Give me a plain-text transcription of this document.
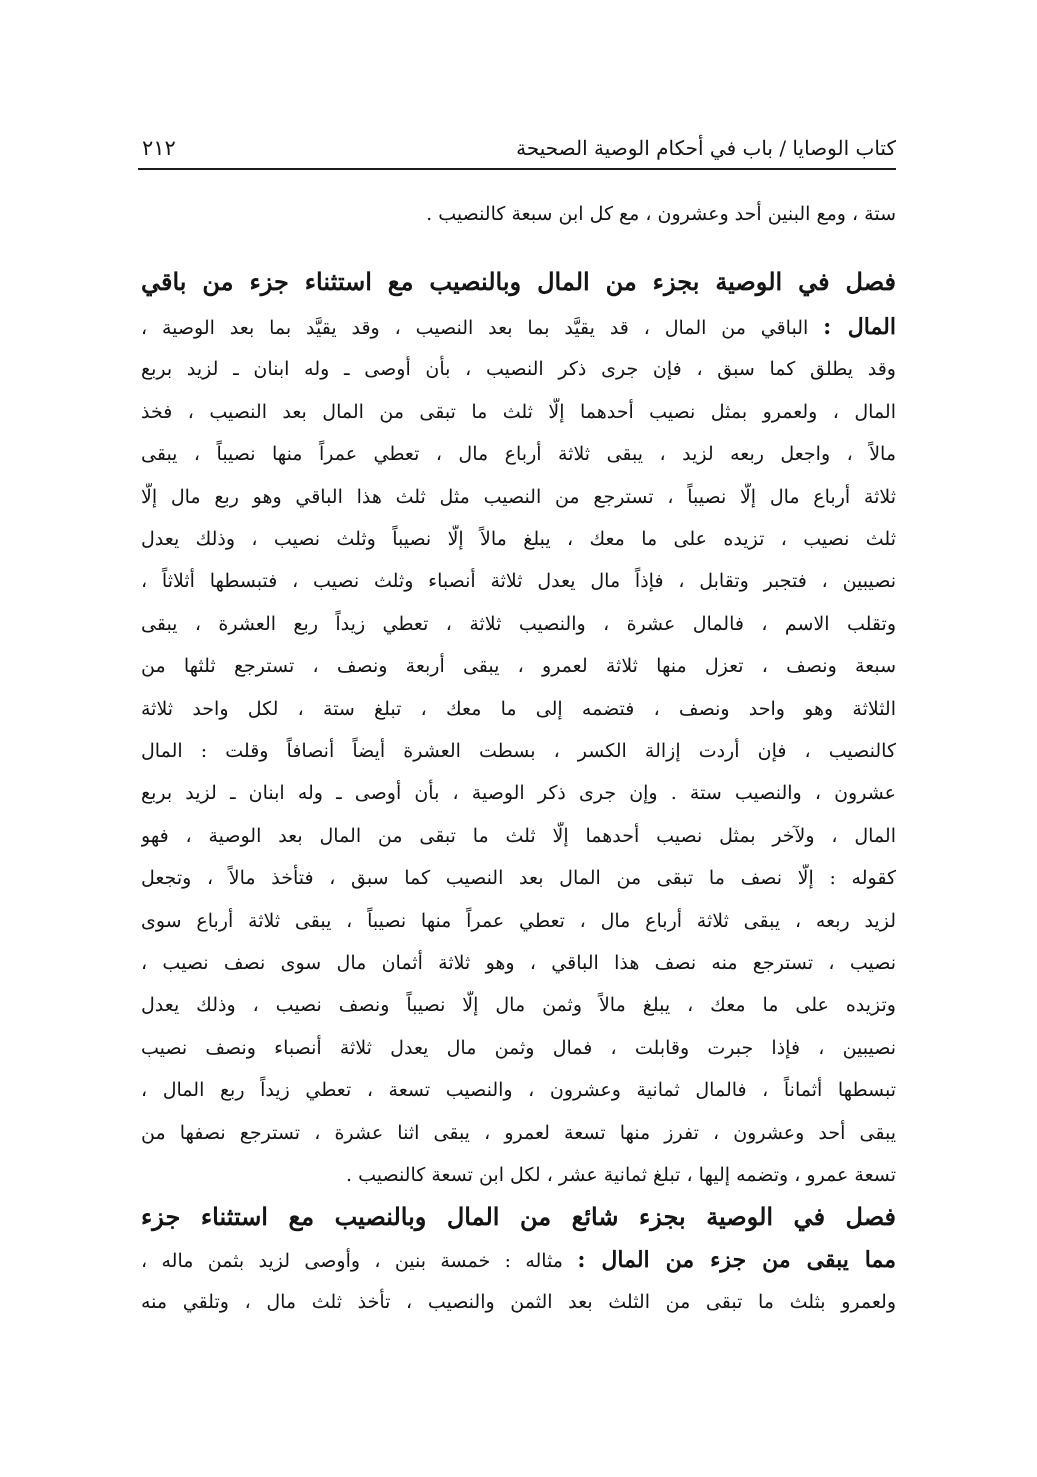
كتاب الوصايا / باب في أحكام الوصية الصحيحة
٢١٢
ستة ، ومع البنين أحد وعشرون ، مع كل ابن سبعة كالنصيب .
فصل في الوصية بجزء من المال وبالنصيب مع استثناء جزء من باقي
المال : الباقي من المال ، قد يقيَّد بما بعد النصيب ، وقد يقيَّد بما بعد الوصية ،
وقد يطلق كما سبق ، فإن جرى ذكر النصيب ، بأن أوصى ـ وله ابنان ـ لزيد بربع
المال ، ولعمرو بمثل نصيب أحدهما إلّا ثلث ما تبقى من المال بعد النصيب ، فخذ
مالاً ، واجعل ربعه لزيد ، يبقى ثلاثة أرباع مال ، تعطي عمراً منها نصيباً ، يبقى
ثلاثة أرباع مال إلّا نصيباً ، تسترجع من النصيب مثل ثلث هذا الباقي وهو ربع مال إلّا
ثلث نصيب ، تزيده على ما معك ، يبلغ مالاً إلّا نصيباً وثلث نصيب ، وذلك يعدل
نصيبين ، فتجبر وتقابل ، فإذاً مال يعدل ثلاثة أنصباء وثلث نصيب ، فتبسطها أثلاثاً ،
وتقلب الاسم ، فالمال عشرة ، والنصيب ثلاثة ، تعطي زيداً ربع العشرة ، يبقى
سبعة ونصف ، تعزل منها ثلاثة لعمرو ، يبقى أربعة ونصف ، تسترجع ثلثها من
الثلاثة وهو واحد ونصف ، فتضمه إلى ما معك ، تبلغ ستة ، لكل واحد ثلاثة
كالنصيب ، فإن أردت إزالة الكسر ، بسطت العشرة أيضاً أنصافاً وقلت : المال
عشرون ، والنصيب ستة . وإن جرى ذكر الوصية ، بأن أوصى ـ وله ابنان ـ لزيد بربع
المال ، ولآخر بمثل نصيب أحدهما إلّا ثلث ما تبقى من المال بعد الوصية ، فهو
كقوله : إلّا نصف ما تبقى من المال بعد النصيب كما سبق ، فتأخذ مالاً ، وتجعل
لزيد ربعه ، يبقى ثلاثة أرباع مال ، تعطي عمراً منها نصيباً ، يبقى ثلاثة أرباع سوى
نصيب ، تسترجع منه نصف هذا الباقي ، وهو ثلاثة أثمان مال سوى نصف نصيب ،
وتزيده على ما معك ، يبلغ مالاً وثمن مال إلّا نصيباً ونصف نصيب ، وذلك يعدل
نصيبين ، فإذا جبرت وقابلت ، فمال وثمن مال يعدل ثلاثة أنصباء ونصف نصيب
تبسطها أثماناً ، فالمال ثمانية وعشرون ، والنصيب تسعة ، تعطي زيداً ربع المال ،
يبقى أحد وعشرون ، تفرز منها تسعة لعمرو ، يبقى اثنا عشرة ، تسترجع نصفها من
تسعة عمرو ، وتضمه إليها ، تبلغ ثمانية عشر ، لكل ابن تسعة كالنصيب .
فصل في الوصية بجزء شائع من المال وبالنصيب مع استثناء جزء
مما يبقى من جزء من المال : مثاله : خمسة بنين ، وأوصى لزيد بثمن ماله ،
ولعمرو بثلث ما تبقى من الثلث بعد الثمن والنصيب ، تأخذ ثلث مال ، وتلقي منه
